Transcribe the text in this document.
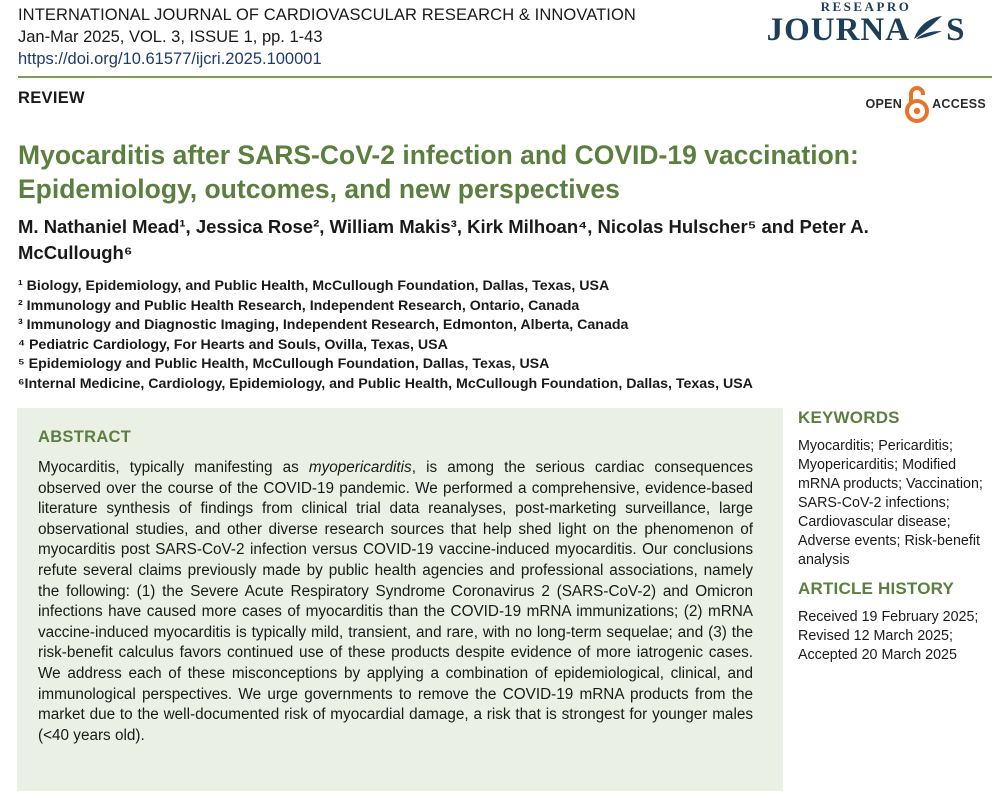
INTERNATIONAL JOURNAL OF CARDIOVASCULAR RESEARCH & INNOVATION
Jan-Mar 2025, VOL. 3, ISSUE 1, pp. 1-43
https://doi.org/10.61577/ijcri.2025.100001
RESEAPRO
JOURNA S
REVIEW	OPEN ACCESS
Myocarditis after SARS-CoV-2 infection and COVID-19 vaccination: Epidemiology, outcomes, and new perspectives
M. Nathaniel Mead¹, Jessica Rose², William Makis³, Kirk Milhoan⁴, Nicolas Hulscher⁵ and Peter A. McCullough⁶

¹ Biology, Epidemiology, and Public Health, McCullough Foundation, Dallas, Texas, USA

² Immunology and Public Health Research, Independent Research, Ontario, Canada

³ Immunology and Diagnostic Imaging, Independent Research, Edmonton, Alberta, Canada

⁴ Pediatric Cardiology, For Hearts and Souls, Ovilla, Texas, USA

⁵ Epidemiology and Public Health, McCullough Foundation, Dallas, Texas, USA

⁶Internal Medicine, Cardiology, Epidemiology, and Public Health, McCullough Foundation, Dallas, Texas, USA

ABSTRACT
Myocarditis, typically manifesting as myopericarditis, is among the serious cardiac consequences observed over the course of the COVID-19 pandemic. We performed a comprehensive, evidence-based literature synthesis of findings from clinical trial data reanalyses, post-marketing surveillance, large observational studies, and other diverse research sources that help shed light on the phenomenon of myocarditis post SARS-CoV-2 infection versus COVID-19 vaccine-induced myocarditis. Our conclusions refute several claims previously made by public health agencies and professional associations, namely the following: (1) the Severe Acute Respiratory Syndrome Coronavirus 2 (SARS-CoV-2) and Omicron infections have caused more cases of myocarditis than the COVID-19 mRNA immunizations; (2) mRNA vaccine-induced myocarditis is typically mild, transient, and rare, with no long-term sequelae; and (3) the risk-benefit calculus favors continued use of these products despite evidence of more iatrogenic cases. We address each of these misconceptions by applying a combination of epidemiological, clinical, and immunological perspectives. We urge governments to remove the COVID-19 mRNA products from the market due to the well-documented risk of myocardial damage, a risk that is strongest for younger males (<40 years old).
KEYWORDS
Myocarditis; Pericarditis; Myopericarditis; Modified mRNA products; Vaccination; SARS-CoV-2 infections; Cardiovascular disease; Adverse events; Risk-benefit analysis
ARTICLE HISTORY
Received 19 February 2025;
Revised 12 March 2025;
Accepted 20 March 2025
